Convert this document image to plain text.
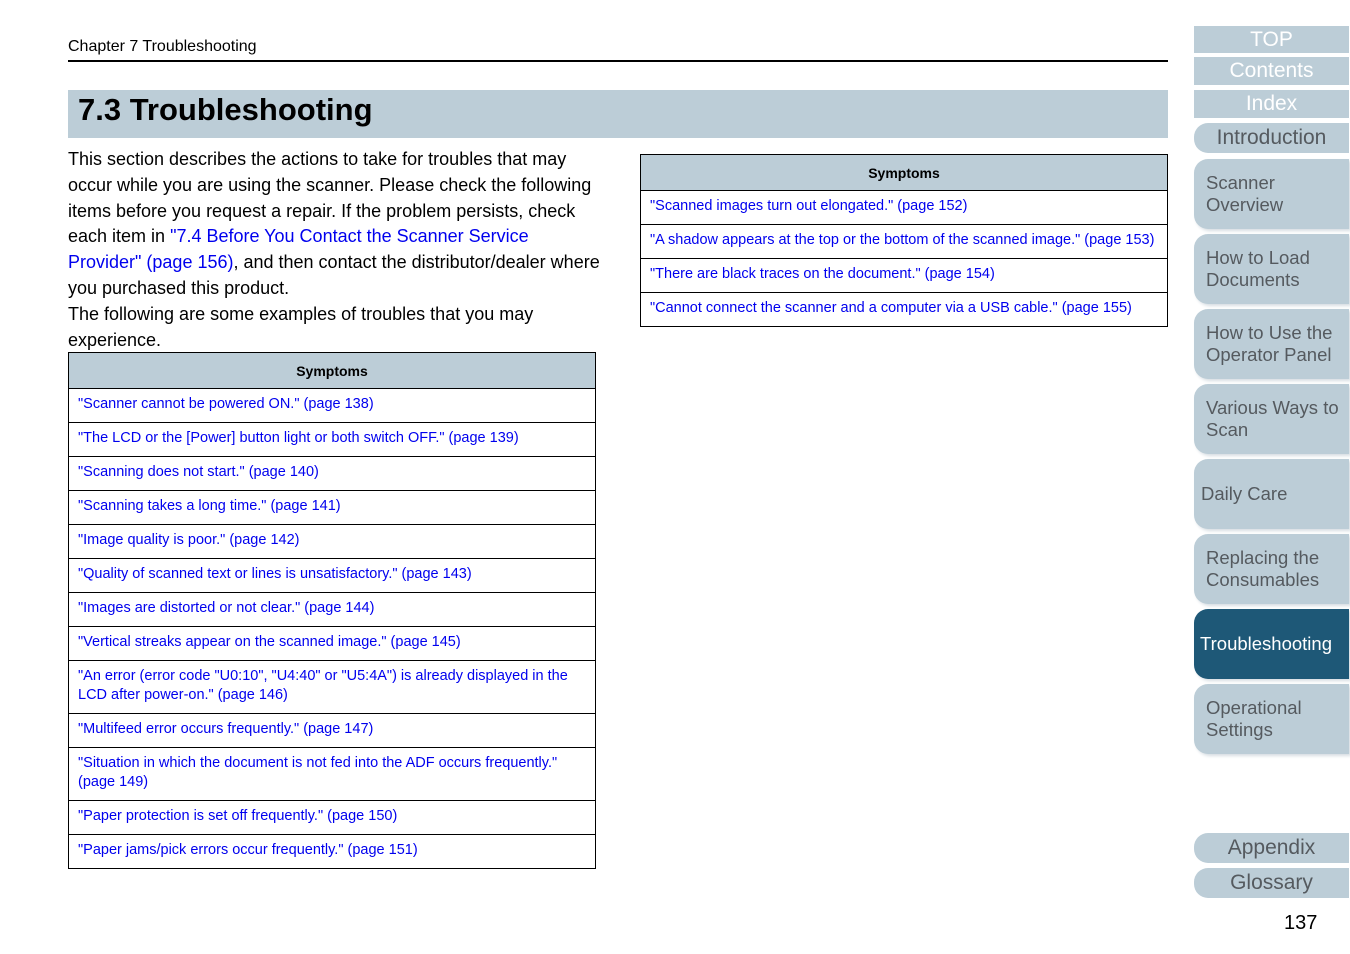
Chapter 7 Troubleshooting
7.3 Troubleshooting
This section describes the actions to take for troubles that may occur while you are using the scanner. Please check the following items before you request a repair. If the problem persists, check each item in "7.4 Before You Contact the Scanner Service Provider" (page 156), and then contact the distributor/dealer where you purchased this product.
The following are some examples of troubles that you may experience.
Symptoms
"Scanner cannot be powered ON." (page 138)
"The LCD or the [Power] button light or both switch OFF." (page 139)
"Scanning does not start." (page 140)
"Scanning takes a long time." (page 141)
"Image quality is poor." (page 142)
"Quality of scanned text or lines is unsatisfactory." (page 143)
"Images are distorted or not clear." (page 144)
"Vertical streaks appear on the scanned image." (page 145)
"An error (error code "U0:10", "U4:40" or "U5:4A") is already displayed in the LCD after power-on." (page 146)
"Multifeed error occurs frequently." (page 147)
"Situation in which the document is not fed into the ADF occurs frequently." (page 149)
"Paper protection is set off frequently." (page 150)
"Paper jams/pick errors occur frequently." (page 151)
Symptoms
"Scanned images turn out elongated." (page 152)
"A shadow appears at the top or the bottom of the scanned image." (page 153)
"There are black traces on the document." (page 154)
"Cannot connect the scanner and a computer via a USB cable." (page 155)
TOP
Contents
Index
Introduction
Scanner Overview
How to Load Documents
How to Use the Operator Panel
Various Ways to Scan
Daily Care
Replacing the Consumables
Troubleshooting
Operational Settings
Appendix
Glossary
137
